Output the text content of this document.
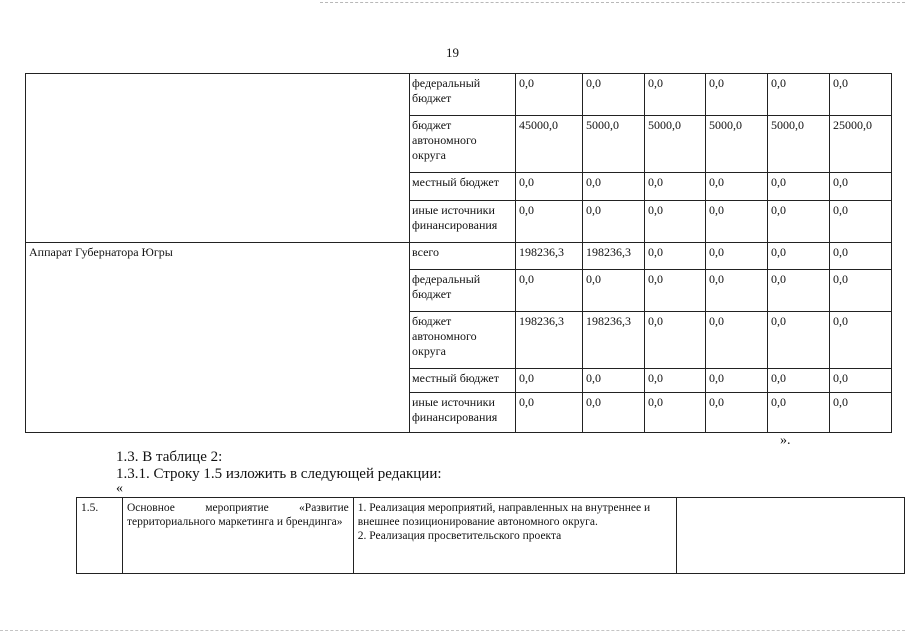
19
	федеральный бюджет	0,0	0,0	0,0	0,0	0,0	0,0
	бюджет автономного округа	45000,0	5000,0	5000,0	5000,0	5000,0	25000,0
	местный бюджет	0,0	0,0	0,0	0,0	0,0	0,0
	иные источники финансирования	0,0	0,0	0,0	0,0	0,0	0,0
Аппарат Губернатора Югры	всего	198236,3	198236,3	0,0	0,0	0,0	0,0
	федеральный бюджет	0,0	0,0	0,0	0,0	0,0	0,0
	бюджет автономного округа	198236,3	198236,3	0,0	0,0	0,0	0,0
	местный бюджет	0,0	0,0	0,0	0,0	0,0	0,0
	иные источники финансирования	0,0	0,0	0,0	0,0	0,0	0,0
».
1.3. В таблице 2:
1.3.1. Строку 1.5 изложить в следующей редакции:
«
1.5.	Основное мероприятие «Развитие территориального маркетинга и брендинга»	
1. Реализация мероприятий, направленных на внутреннее и внешнее позиционирование автономного округа.
2. Реализация просветительского проекта
